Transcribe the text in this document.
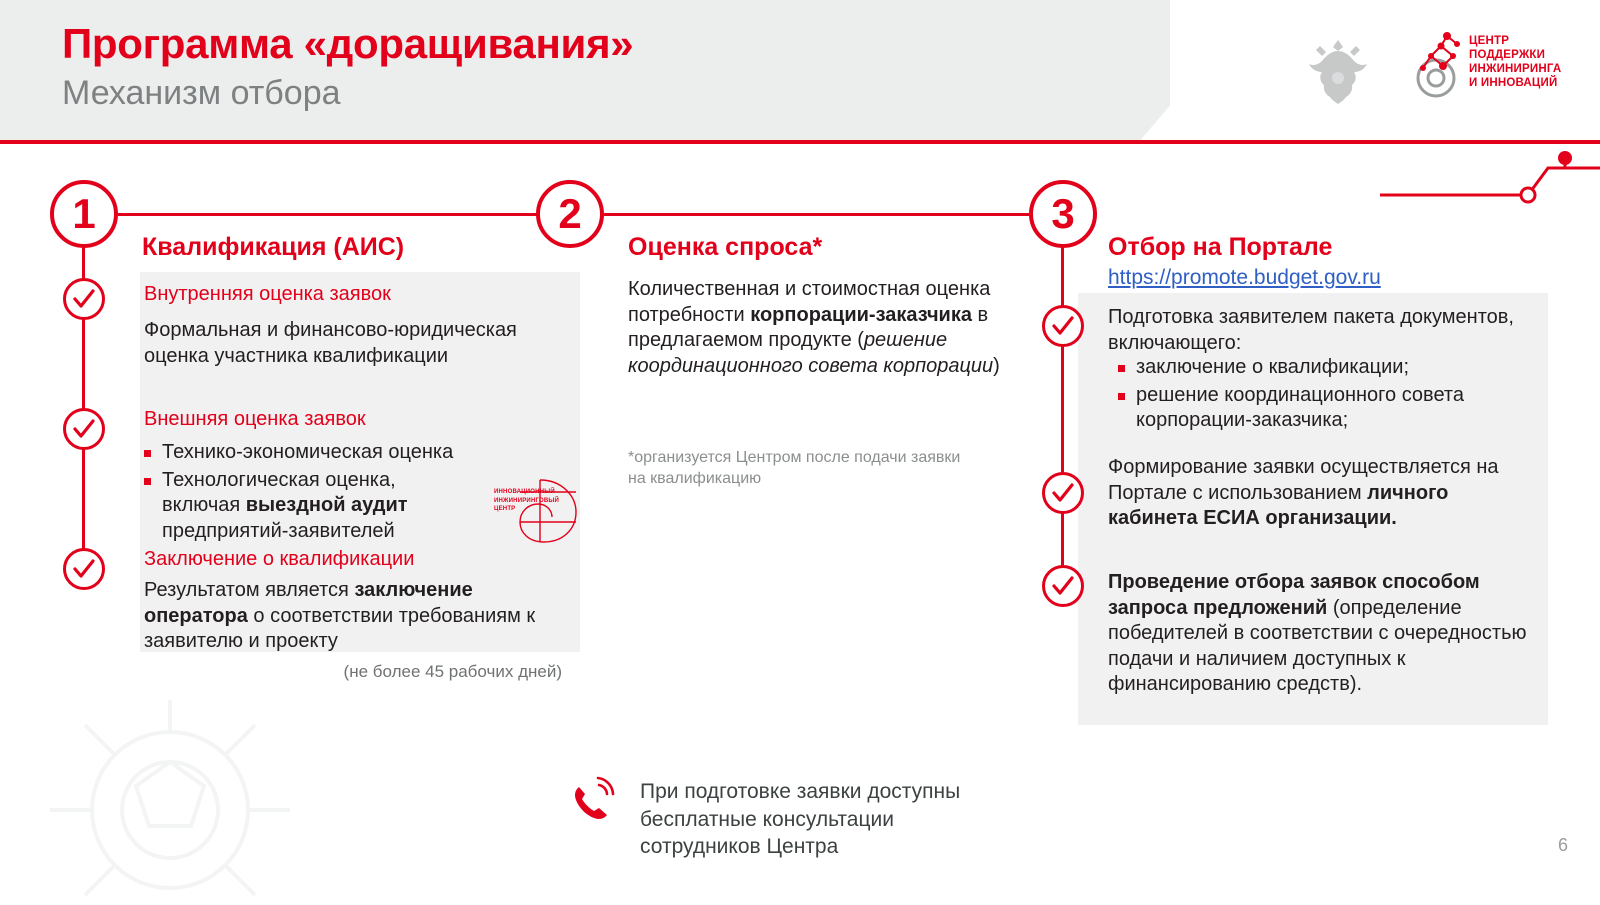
Программа «доращивания»
Механизм отбора
ЦЕНТР
ПОДДЕРЖКИ
ИНЖИНИРИНГА
И ИННОВАЦИЙ
1
Квалификация (АИС)
Внутренняя оценка заявок
Формальная и финансово-юридическая оценка участника квалификации
Внешняя оценка заявок
Технико-экономическая оценка
Технологическая оценка,
включая выездной аудит
предприятий-заявителей
ИННОВАЦИОННЫЙ
ИНЖИНИРИНГОВЫЙ
ЦЕНТР
Заключение о квалификации
Результатом является заключение оператора о соответствии требованиям к заявителю и проекту
(не более 45 рабочих дней)
2
Оценка спроса*
Количественная и стоимостная оценка потребности корпорации-заказчика в предлагаемом продукте (решение координационного совета корпорации)
*организуется Центром после подачи заявки на квалификацию
3
Отбор на Портале
https://promote.budget.gov.ru
Подготовка заявителем пакета документов, включающего:
заключение о квалификации;
решение координационного совета корпорации-заказчика;
Формирование заявки осуществляется на Портале с использованием личного кабинета ЕСИА организации.
Проведение отбора заявок способом запроса предложений (определение победителей в соответствии с очередностью подачи и наличием доступных к финансированию средств).
При подготовке заявки доступны
бесплатные консультации
сотрудников Центра	6
